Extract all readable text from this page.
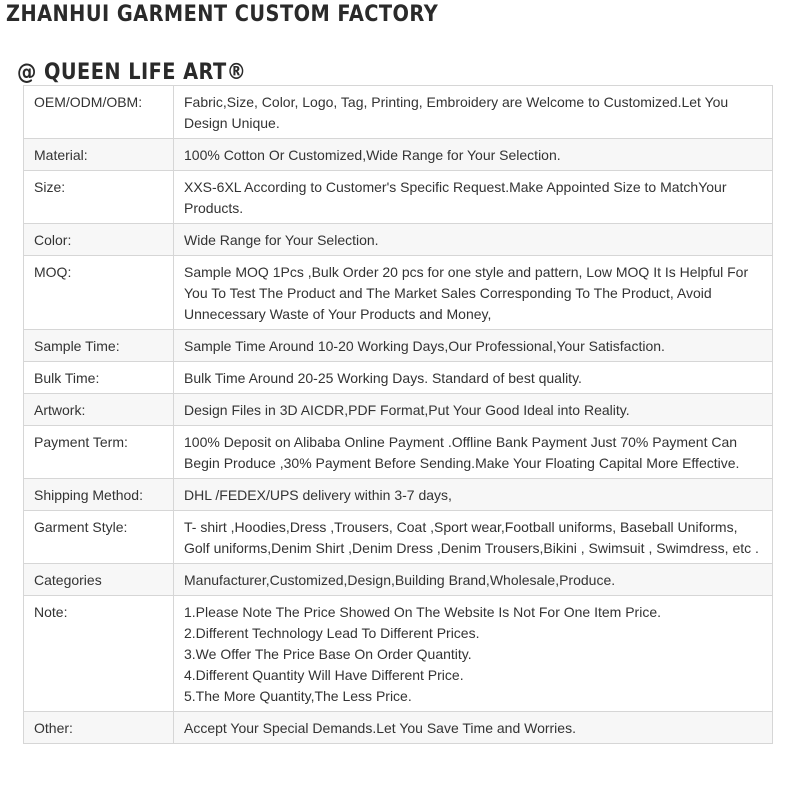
ZHANHUI GARMENT CUSTOM FACTORY
@ QUEEN LIFE ART®
OEM/ODM/OBM:	Fabric,Size, Color, Logo, Tag, Printing, Embroidery are Welcome to Customized.Let You Design Unique.
Material:	100% Cotton Or Customized,Wide Range for Your Selection.
Size:	XXS-6XL According to Customer's Specific Request.Make Appointed Size to MatchYour Products.
Color:	Wide Range for Your Selection.
MOQ:	Sample MOQ 1Pcs ,Bulk Order 20 pcs for one style and pattern, Low MOQ It Is Helpful For You To Test The Product and The Market Sales Corresponding To The Product, Avoid Unnecessary Waste of Your Products and Money,
Sample Time:	Sample Time Around 10-20 Working Days,Our Professional,Your Satisfaction.
Bulk Time:	Bulk Time Around 20-25 Working Days. Standard of best quality.
Artwork:	Design Files in 3D AICDR,PDF Format,Put Your Good Ideal into Reality.
Payment Term:	100% Deposit on Alibaba Online Payment .Offline Bank Payment Just 70% Payment Can Begin Produce ,30% Payment Before Sending.Make Your Floating Capital More Effective.
Shipping Method:	DHL /FEDEX/UPS delivery within 3-7 days,
Garment Style:	T- shirt ,Hoodies,Dress ,Trousers, Coat ,Sport wear,Football uniforms, Baseball Uniforms, Golf uniforms,Denim Shirt ,Denim Dress ,Denim Trousers,Bikini , Swimsuit , Swimdress, etc .
Categories	Manufacturer,Customized,Design,Building Brand,Wholesale,Produce.
Note:	1.Please Note The Price Showed On The Website Is Not For One Item Price.
2.Different Technology Lead To Different Prices.
3.We Offer The Price Base On Order Quantity.
4.Different Quantity Will Have Different Price.
5.The More Quantity,The Less Price.

Other:	Accept Your Special Demands.Let You Save Time and Worries.
